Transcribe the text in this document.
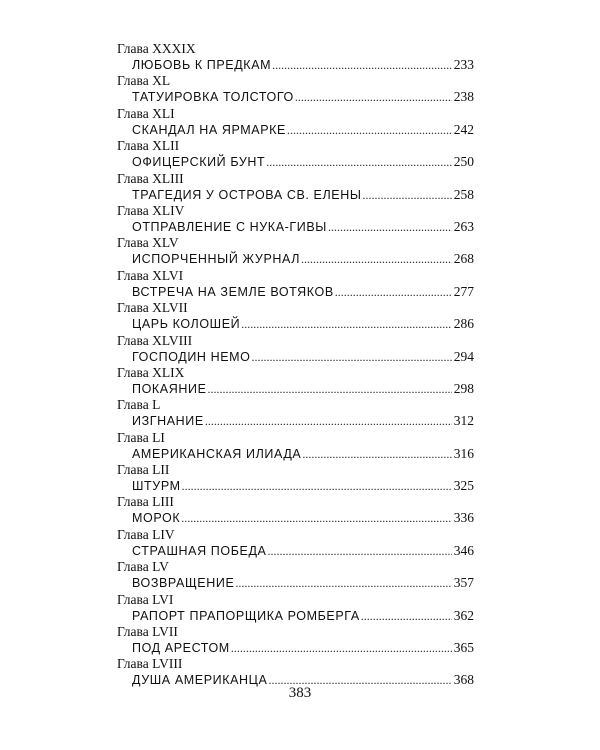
Глава XXXIX
ЛЮБОВЬ К ПРЕДКАМ .....	233
Глава XL
ТАТУИРОВКА ТОЛСТОГО .....	238
Глава XLI
СКАНДАЛ НА ЯРМАРКЕ .....	242
Глава XLII
ОФИЦЕРСКИЙ БУНТ .....	250
Глава XLIII
ТРАГЕДИЯ У ОСТРОВА СВ. ЕЛЕНЫ .....	258
Глава XLIV
ОТПРАВЛЕНИЕ С НУКА-ГИВЫ .....	263
Глава XLV
ИСПОРЧЕННЫЙ ЖУРНАЛ .....	268
Глава XLVI
ВСТРЕЧА НА ЗЕМЛЕ ВОТЯКОВ .....	277
Глава XLVII
ЦАРЬ КОЛОШЕЙ .....	286
Глава XLVIII
ГОСПОДИН НЕМО .....	294
Глава XLIX
ПОКАЯНИЕ .....	298
Глава L
ИЗГНАНИЕ .....	312
Глава LI
АМЕРИКАНСКАЯ ИЛИАДА .....	316
Глава LII
ШТУРМ .....	325
Глава LIII
МОРОК .....	336
Глава LIV
СТРАШНАЯ ПОБЕДА .....	346
Глава LV
ВОЗВРАЩЕНИЕ .....	357
Глава LVI
РАПОРТ ПРАПОРЩИКА РОМБЕРГА .....	362
Глава LVII
ПОД АРЕСТОМ .....	365
Глава LVIII
ДУША АМЕРИКАНЦА .....	368
383
